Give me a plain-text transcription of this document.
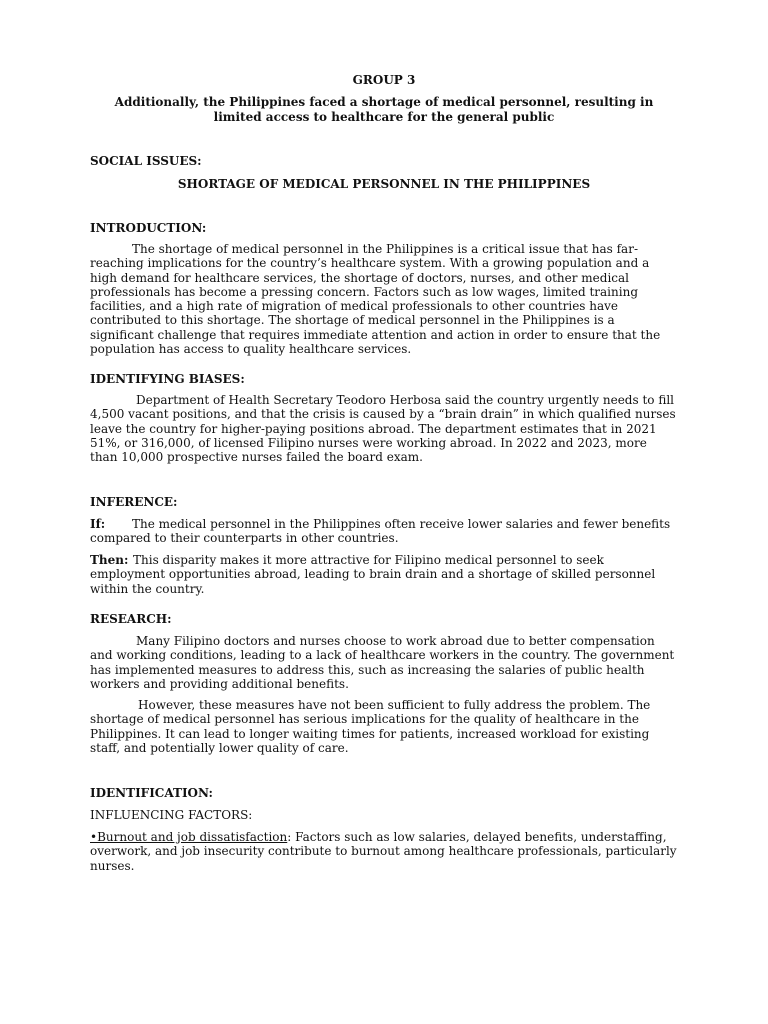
GROUP 3
Additionally, the Philippines faced a shortage of medical personnel, resulting in limited access to healthcare for the general public
SOCIAL ISSUES:
SHORTAGE OF MEDICAL PERSONNEL IN THE PHILIPPINES
INTRODUCTION:
The shortage of medical personnel in the Philippines is a critical issue that has far-reaching implications for the country’s healthcare system. With a growing population and a high demand for healthcare services, the shortage of doctors, nurses, and other medical professionals has become a pressing concern. Factors such as low wages, limited training facilities, and a high rate of migration of medical professionals to other countries have contributed to this shortage. The shortage of medical personnel in the Philippines is a significant challenge that requires immediate attention and action in order to ensure that the population has access to quality healthcare services.
IDENTIFYING BIASES:
Department of Health Secretary Teodoro Herbosa said the country urgently needs to fill 4,500 vacant positions, and that the crisis is caused by a “brain drain” in which qualified nurses leave the country for higher-paying positions abroad. The department estimates that in 2021 51%, or 316,000, of licensed Filipino nurses were working abroad. In 2022 and 2023, more than 10,000 prospective nurses failed the board exam.
INFERENCE:
If:	The medical personnel in the Philippines often receive lower salaries and fewer benefits compared to their counterparts in other countries.
Then: This disparity makes it more attractive for Filipino medical personnel to seek employment opportunities abroad, leading to brain drain and a shortage of skilled personnel within the country.
RESEARCH:
Many Filipino doctors and nurses choose to work abroad due to better compensation and working conditions, leading to a lack of healthcare workers in the country. The government has implemented measures to address this, such as increasing the salaries of public health workers and providing additional benefits.
However, these measures have not been sufficient to fully address the problem. The shortage of medical personnel has serious implications for the quality of healthcare in the Philippines. It can lead to longer waiting times for patients, increased workload for existing staff, and potentially lower quality of care.
IDENTIFICATION:
INFLUENCING FACTORS:
•Burnout and job dissatisfaction: Factors such as low salaries, delayed benefits, understaffing, overwork, and job insecurity contribute to burnout among healthcare professionals, particularly nurses.
